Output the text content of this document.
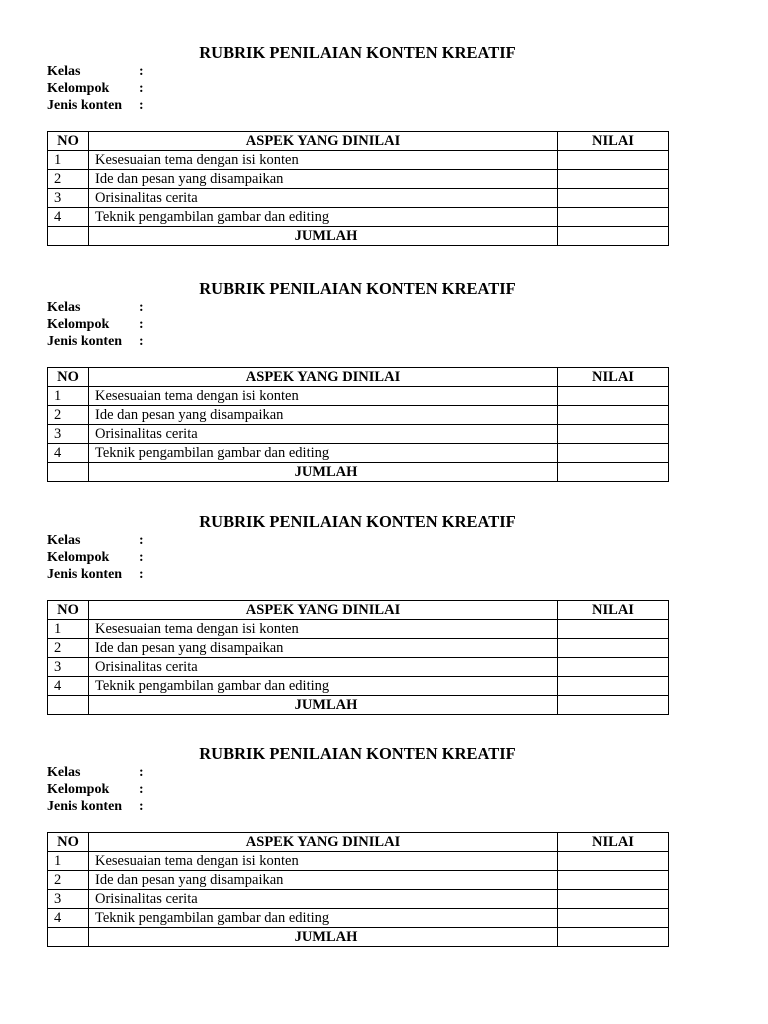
RUBRIK PENILAIAN KONTEN KREATIF
Kelas	:
Kelompok :
Jenis konten :
NO	ASPEK YANG DINILAI	NILAI
1	Kesesuaian tema dengan isi konten	
2	Ide dan pesan yang disampaikan	
3	Orisinalitas cerita	
4	Teknik pengambilan gambar dan editing	
	JUMLAH	
RUBRIK PENILAIAN KONTEN KREATIF
Kelas	:
Kelompok :
Jenis konten :
NO	ASPEK YANG DINILAI	NILAI
1	Kesesuaian tema dengan isi konten	
2	Ide dan pesan yang disampaikan	
3	Orisinalitas cerita	
4	Teknik pengambilan gambar dan editing	
	JUMLAH	
RUBRIK PENILAIAN KONTEN KREATIF
Kelas	:
Kelompok :
Jenis konten :
NO	ASPEK YANG DINILAI	NILAI
1	Kesesuaian tema dengan isi konten	
2	Ide dan pesan yang disampaikan	
3	Orisinalitas cerita	
4	Teknik pengambilan gambar dan editing	
	JUMLAH	
RUBRIK PENILAIAN KONTEN KREATIF
Kelas	:
Kelompok :
Jenis konten :
NO	ASPEK YANG DINILAI	NILAI
1	Kesesuaian tema dengan isi konten	
2	Ide dan pesan yang disampaikan	
3	Orisinalitas cerita	
4	Teknik pengambilan gambar dan editing	
	JUMLAH	
